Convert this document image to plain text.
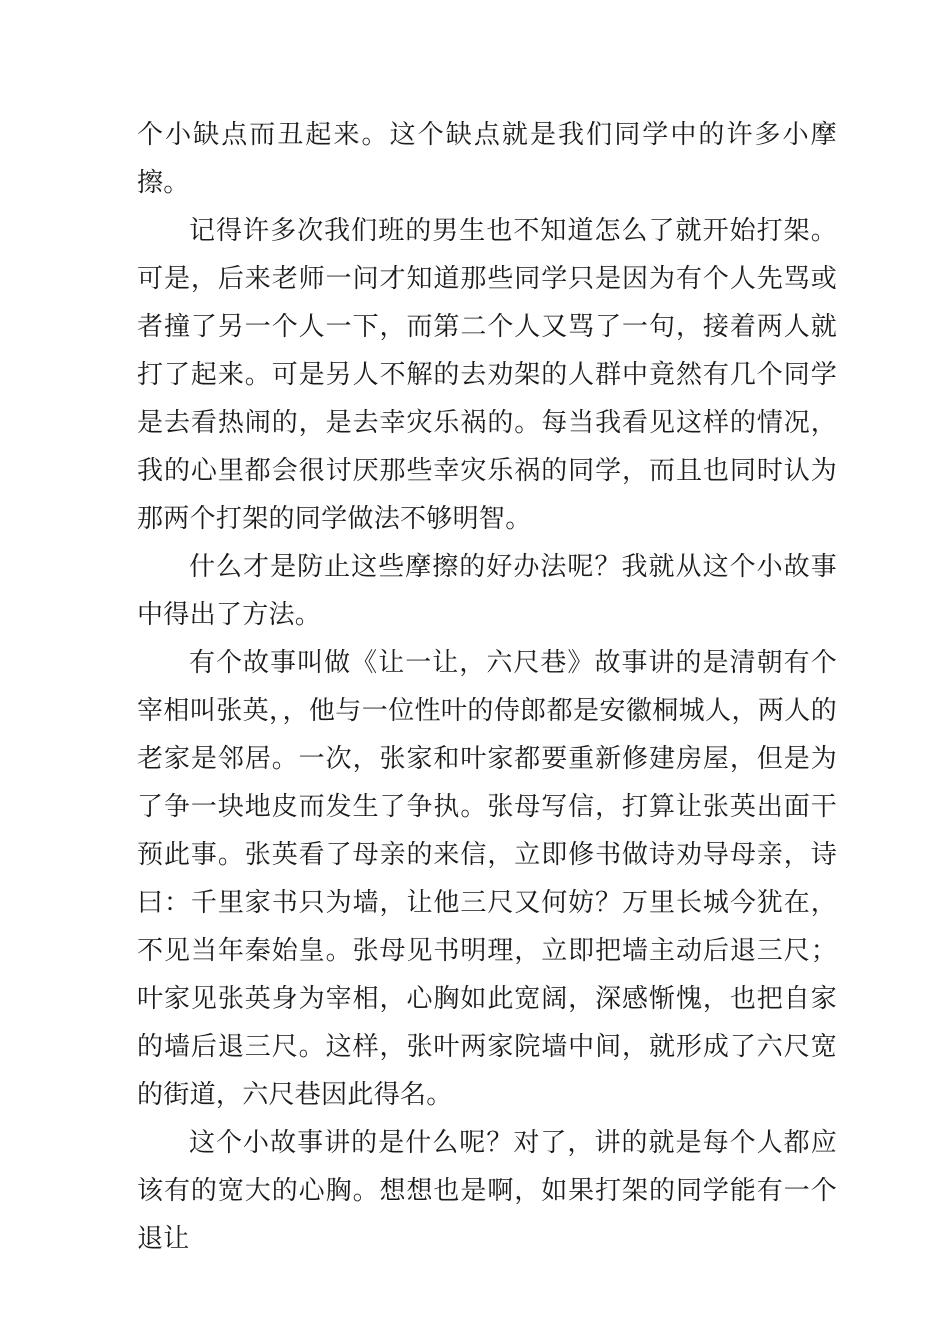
个小缺点而丑起来。这个缺点就是我们同学中的许多小摩擦。

记得许多次我们班的男生也不知道怎么了就开始打架。可是，后来老师一问才知道那些同学只是因为有个人先骂或者撞了另一个人一下，而第二个人又骂了一句，接着两人就打了起来。可是另人不解的去劝架的人群中竟然有几个同学是去看热闹的，是去幸灾乐祸的。每当我看见这样的情况，我的心里都会很讨厌那些幸灾乐祸的同学，而且也同时认为那两个打架的同学做法不够明智。

什么才是防止这些摩擦的好办法呢？我就从这个小故事中得出了方法。

有个故事叫做《让一让，六尺巷》故事讲的是清朝有个宰相叫张英，，他与一位性叶的侍郎都是安徽桐城人，两人的老家是邻居。一次，张家和叶家都要重新修建房屋，但是为了争一块地皮而发生了争执。张母写信，打算让张英出面干预此事。张英看了母亲的来信，立即修书做诗劝导母亲，诗曰：千里家书只为墙，让他三尺又何妨？万里长城今犹在，不见当年秦始皇。张母见书明理，立即把墙主动后退三尺；叶家见张英身为宰相，心胸如此宽阔，深感惭愧，也把自家的墙后退三尺。这样，张叶两家院墙中间，就形成了六尺宽的街道，六尺巷因此得名。

这个小故事讲的是什么呢？对了，讲的就是每个人都应该有的宽大的心胸。想想也是啊，如果打架的同学能有一个退让
